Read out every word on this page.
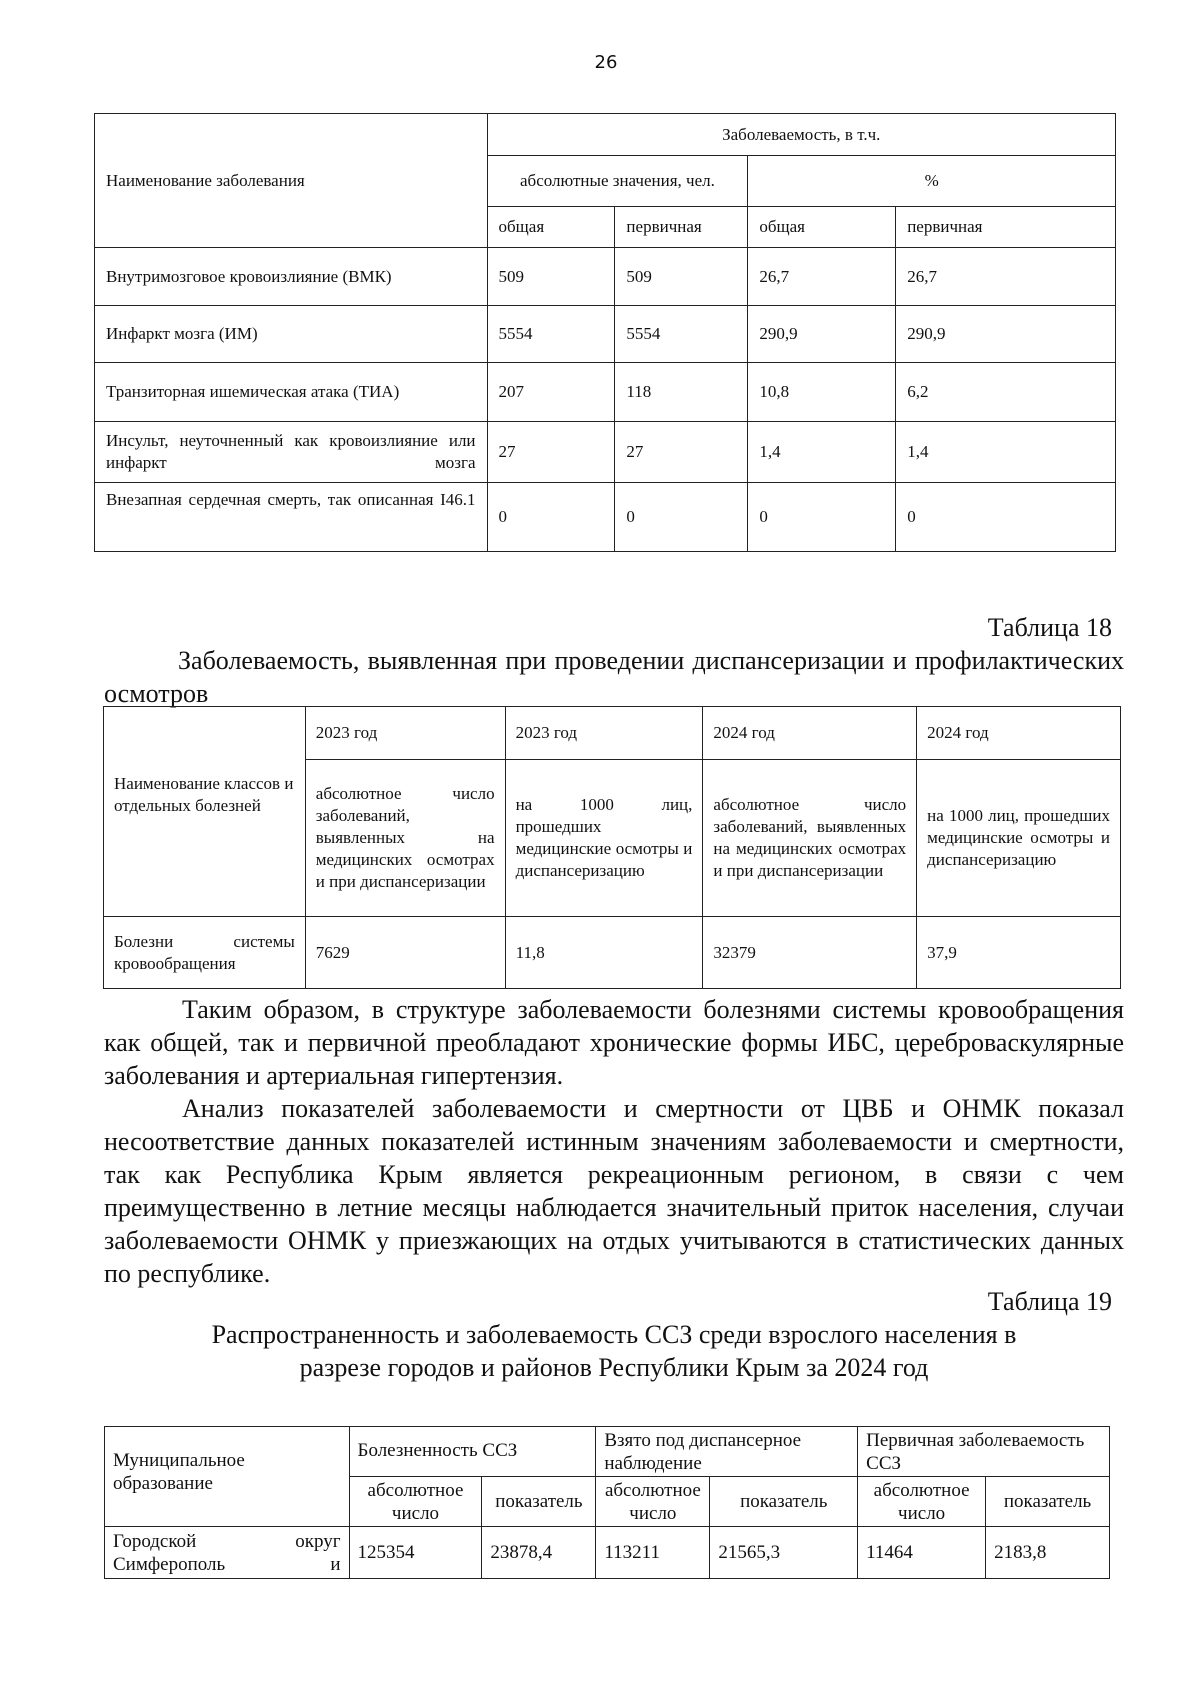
26
Наименование заболевания	Заболеваемость, в т.ч.			
	абсолютные значения, чел.		%	
	общая	первичная	общая	первичная
Внутримозговое кровоизлияние (ВМК)	509	509	26,7	26,7
Инфаркт мозга (ИМ)	5554	5554	290,9	290,9
Транзиторная ишемическая атака (ТИА)	207	118	10,8	6,2
Инсульт, неуточненный как кровоизлияние или инфаркт мозга	27	27	1,4	1,4
Внезапная сердечная смерть, так описанная I46.1	0	0	0	0
Таблица 18
Заболеваемость, выявленная при проведении диспансеризации и профилактических осмотров
Наименование классов и отдельных болезней	2023 год	2023 год	2024 год	2024 год
	абсолютное число заболеваний, выявленных на медицинских осмотрах и при диспансеризации	на 1000 лиц, прошедших медицинские осмотры и диспансеризацию	абсолютное число заболеваний, выявленных на медицинских осмотрах и при диспансеризации	на 1000 лиц, прошедших медицинские осмотры и диспансеризацию
Болезни системы кровообращения	7629	11,8	32379	37,9
Таким образом, в структуре заболеваемости болезнями системы кровообращения как общей, так и первичной преобладают хронические формы ИБС, цереброваскулярные заболевания и артериальная гипертензия.
Анализ показателей заболеваемости и смертности от ЦВБ и ОНМК показал несоответствие данных показателей истинным значениям заболеваемости и смертности, так как Республика Крым является рекреационным регионом, в связи с чем преимущественно в летние месяцы наблюдается значительный приток населения, случаи заболеваемости ОНМК у приезжающих на отдых учитываются в статистических данных по республике.
Таблица 19
Распространенность и заболеваемость ССЗ среди взрослого населения в
разрезе городов и районов Республики Крым за 2024 год
Муниципальное образование	Болезненность ССЗ		Взято под диспансерное наблюдение		Первичная заболеваемость ССЗ	
	абсолютное число	показатель	абсолютное число	показатель	абсолютное число	показатель
Городской округ Симферополь и	125354	23878,4	113211	21565,3	11464	2183,8
